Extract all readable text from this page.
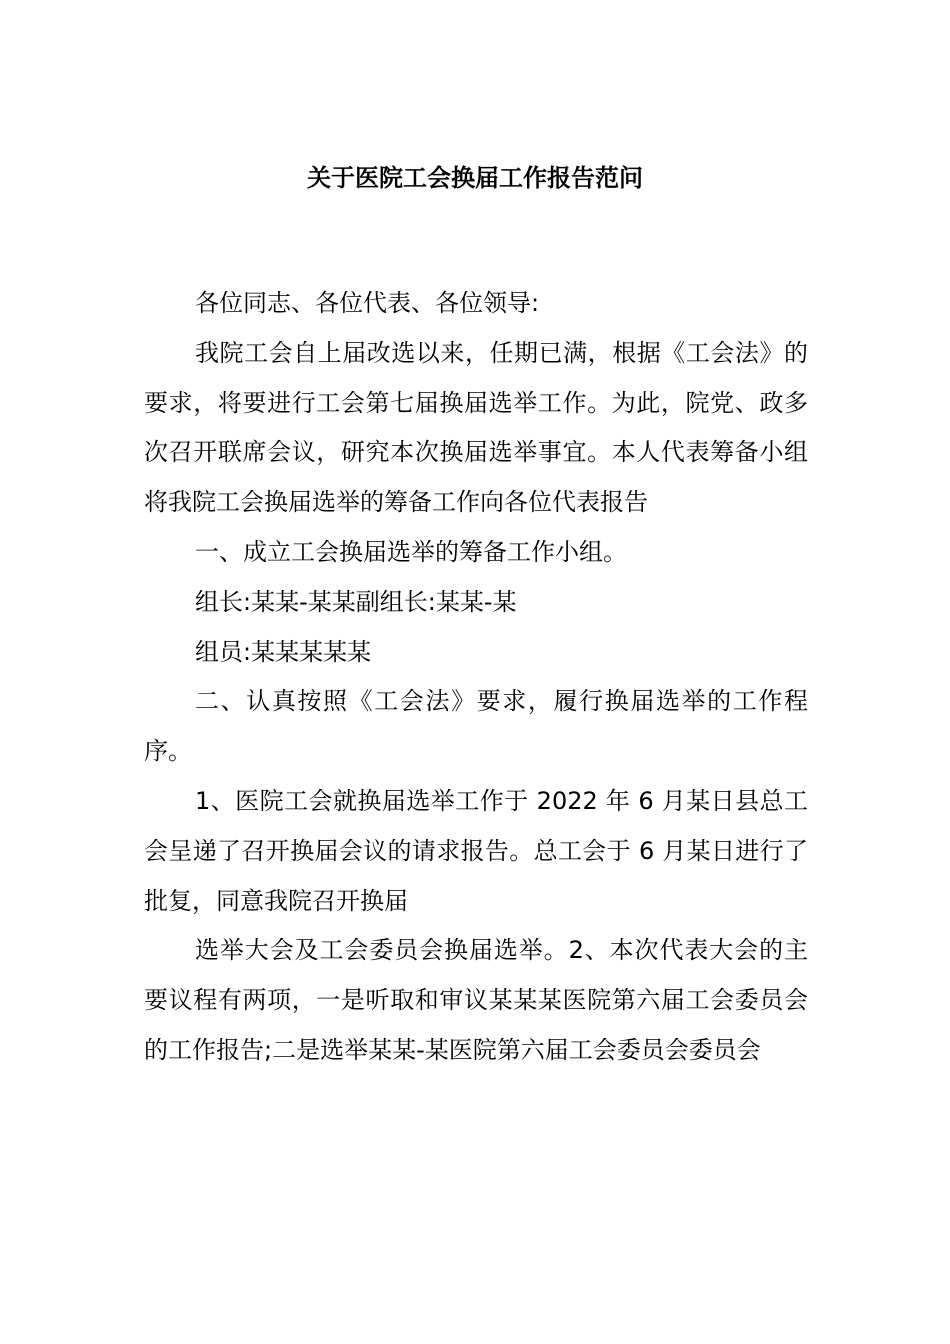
关于医院工会换届工作报告范问

各位同志、各位代表、各位领导:

我院工会自上届改选以来，任期已满，根据《工会法》的要求，将要进行工会第七届换届选举工作。为此，院党、政多次召开联席会议，研究本次换届选举事宜。本人代表筹备小组将我院工会换届选举的筹备工作向各位代表报告

一、成立工会换届选举的筹备工作小组。

组长:某某-某某副组长:某某-某

组员:某某某某某

二、认真按照《工会法》要求，履行换届选举的工作程序。

1、医院工会就换届选举工作于 2022 年 6 月某日县总工会呈递了召开换届会议的请求报告。总工会于 6 月某日进行了批复，同意我院召开换届

选举大会及工会委员会换届选举。2、本次代表大会的主要议程有两项，一是听取和审议某某某医院第六届工会委员会的工作报告;二是选举某某-某医院第六届工会委员会委员会
